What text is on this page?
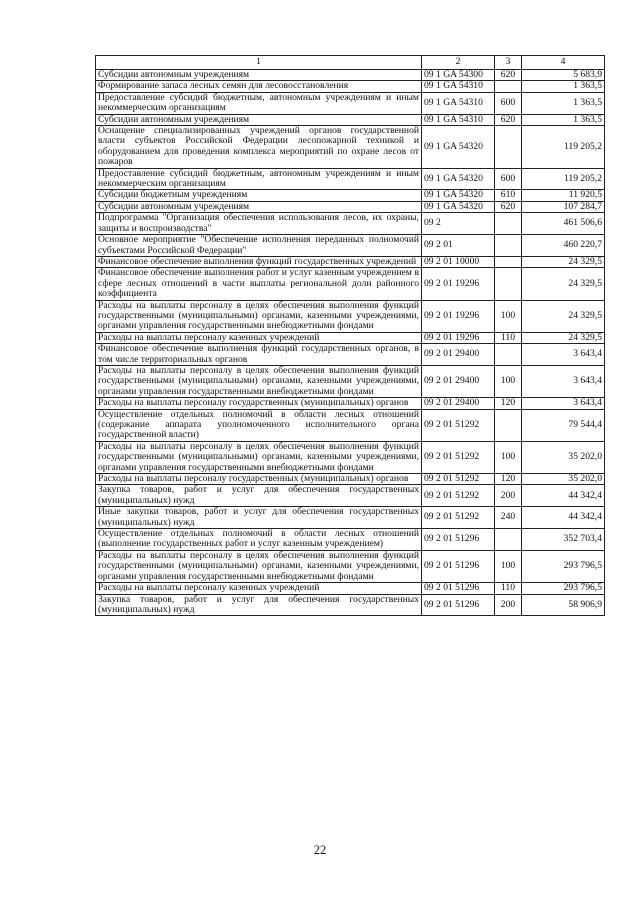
1	2	3	4
Субсидии автономным учреждениям	09 1 GA 54300	620	5 683,9
Формирование запаса лесных семян для лесовосстановления	09 1 GA 54310		1 363,5
Предоставление субсидий бюджетным, автономным учреждениям и иным некоммерческим организациям	09 1 GA 54310	600	1 363,5
Субсидии автономным учреждениям	09 1 GA 54310	620	1 363,5
Оснащение специализированных учреждений органов государственной власти субъектов Российской Федерации лесопожарной техникой и оборудованием для проведения комплекса мероприятий по охране лесов от пожаров	09 1 GA 54320		119 205,2
Предоставление субсидий бюджетным, автономным учреждениям и иным некоммерческим организациям	09 1 GA 54320	600	119 205,2
Субсидии бюджетным учреждениям	09 1 GA 54320	610	11 920,5
Субсидии автономным учреждениям	09 1 GA 54320	620	107 284,7
Подпрограмма "Организация обеспечения использования лесов, их охраны, защиты и воспроизводства"	09 2		461 506,6
Основное мероприятие "Обеспечение исполнения переданных полномочий субъектами Российской Федерации"	09 2 01		460 220,7
Финансовое обеспечение выполнения функций государственных учреждений	09 2 01 10000		24 329,5
Финансовое обеспечение выполнения работ и услуг казенным учреждением в сфере лесных отношений в части выплаты региональной доли районного коэффициента	09 2 01 19296		24 329,5
Расходы на выплаты персоналу в целях обеспечения выполнения функций государственными (муниципальными) органами, казенными учреждениями, органами управления государственными внебюджетными фондами	09 2 01 19296	100	24 329,5
Расходы на выплаты персоналу казенных учреждений	09 2 01 19296	110	24 329,5
Финансовое обеспечение выполнения функций государственных органов, в том числе территориальных органов	09 2 01 29400		3 643,4
Расходы на выплаты персоналу в целях обеспечения выполнения функций государственными (муниципальными) органами, казенными учреждениями, органами управления государственными внебюджетными фондами	09 2 01 29400	100	3 643,4
Расходы на выплаты персоналу государственных (муниципальных) органов	09 2 01 29400	120	3 643,4
Осуществление отдельных полномочий в области лесных отношений (содержание аппарата уполномоченного исполнительного органа государственной власти)	09 2 01 51292		79 544,4
Расходы на выплаты персоналу в целях обеспечения выполнения функций государственными (муниципальными) органами, казенными учреждениями, органами управления государственными внебюджетными фондами	09 2 01 51292	100	35 202,0
Расходы на выплаты персоналу государственных (муниципальных) органов	09 2 01 51292	120	35 202,0
Закупка товаров, работ и услуг для обеспечения государственных (муниципальных) нужд	09 2 01 51292	200	44 342,4
Иные закупки товаров, работ и услуг для обеспечения государственных (муниципальных) нужд	09 2 01 51292	240	44 342,4
Осуществление отдельных полномочий в области лесных отношений (выполнение государственных работ и услуг казенным учреждением)	09 2 01 51296		352 703,4
Расходы на выплаты персоналу в целях обеспечения выполнения функций государственными (муниципальными) органами, казенными учреждениями, органами управления государственными внебюджетными фондами	09 2 01 51296	100	293 796,5
Расходы на выплаты персоналу казенных учреждений	09 2 01 51296	110	293 796,5
Закупка товаров, работ и услуг для обеспечения государственных (муниципальных) нужд	09 2 01 51296	200	58 906,9
22
